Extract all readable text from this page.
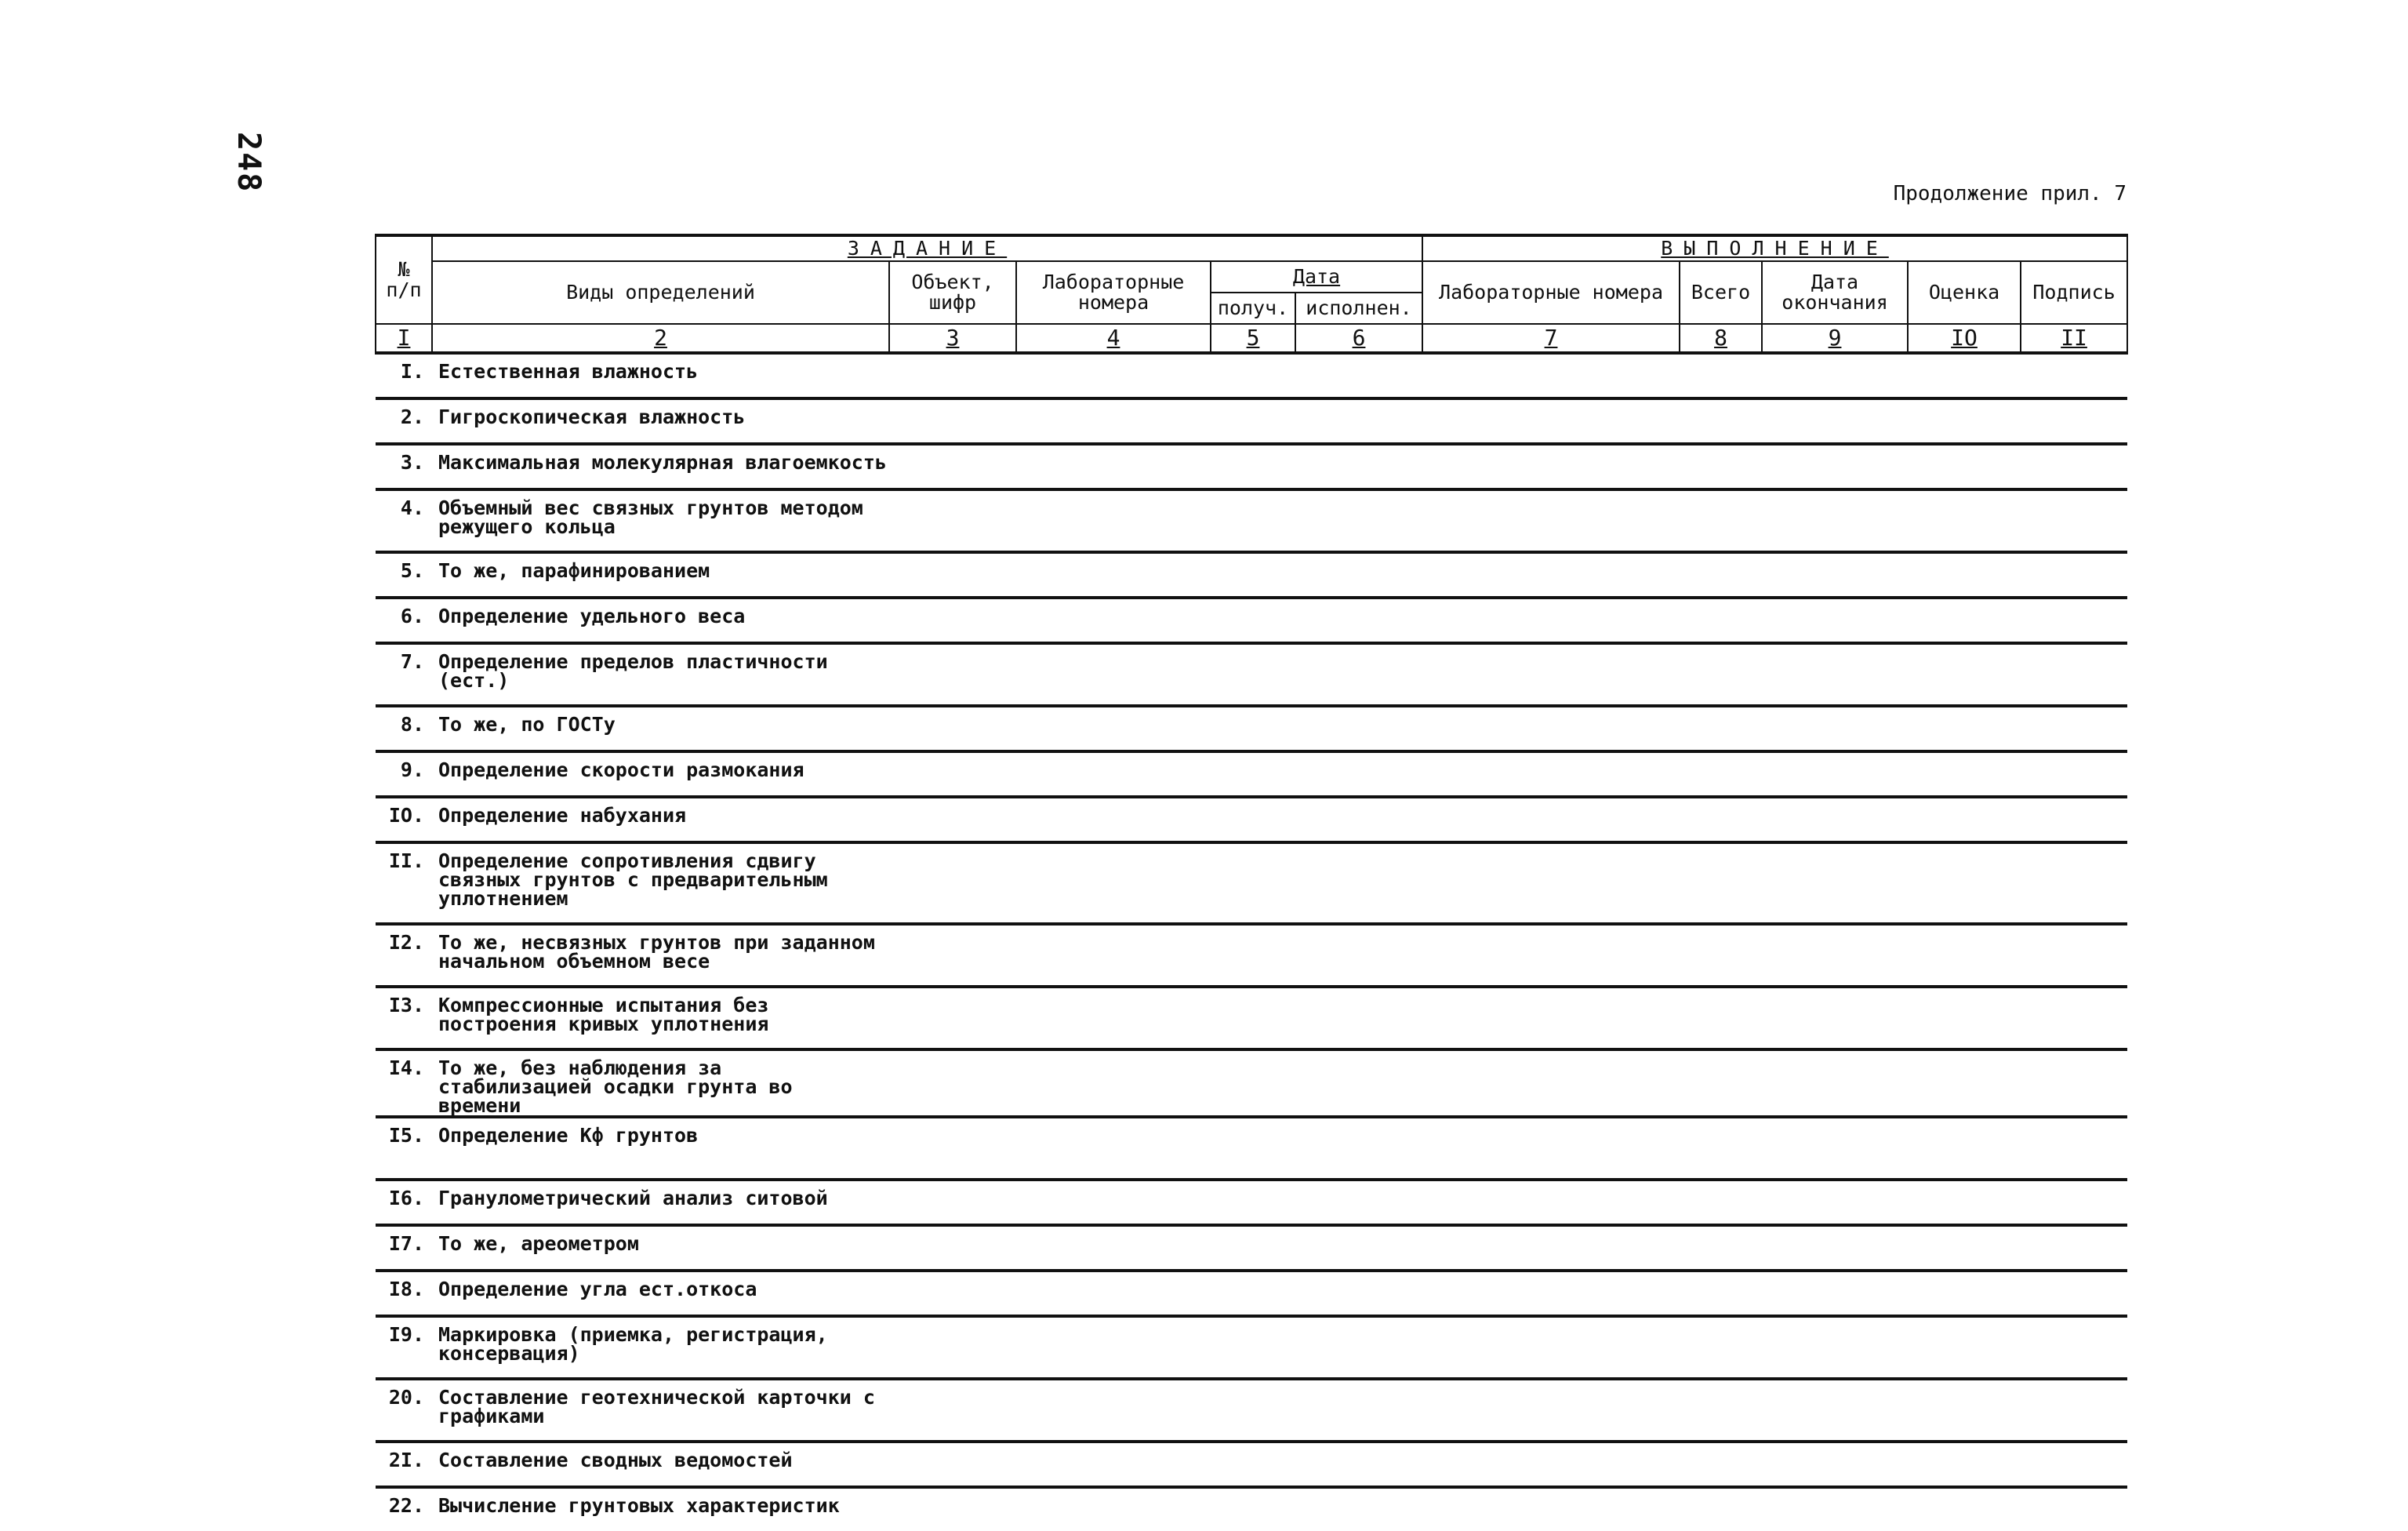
248
Продолжение прил. 7
№
п/п	ЗАДАНИЕ					ВЫПОЛНЕНИЕ				
	Виды определений	Объект, шифр	Лабораторные номера	Дата		Лабораторные номера	Всего	Дата окончания	Оценка	Подпись
				получ.	исполнен.					
I	2	3	4	5	6	7	8	9	IO	II
I.	Естественная влажность									
2.	Гигроскопическая влажность									
3.	Максимальная молекулярная влагоемкость									
4.	Объемный вес связных грунтов методом режущего кольца									
5.	То же, парафинированием									
6.	Определение удельного веса									
7.	Определение пределов пластичности (ест.)									
8.	То же, по ГОСТу									
9.	Определение скорости размокания									
IO.	Определение набухания									
II.	Определение сопротивления сдвигу связных грунтов с предварительным уплотнением									
I2.	То же, несвязных грунтов при заданном начальном объемном весе									
I3.	Компрессионные испытания без построения кривых уплотнения									
I4.	То же, без наблюдения за стабилизацией осадки грунта во времени									
I5.	Определение Кф грунтов									
I6.	Гранулометрический анализ ситовой									
I7.	То же, ареометром									
I8.	Определение угла ест.откоса									
I9.	Маркировка (приемка, регистрация, консервация)									
20.	Составление геотехнической карточки с графиками									
2I.	Составление сводных ведомостей									
22.	Вычисление грунтовых характеристик									
